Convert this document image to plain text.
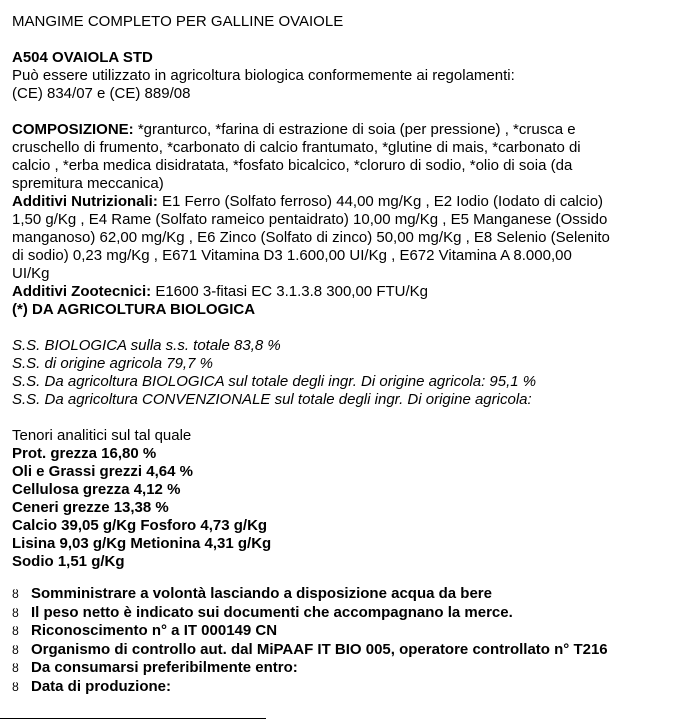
MANGIME COMPLETO PER GALLINE OVAIOLE

A504 OVAIOLA STD

Può essere utilizzato in agricoltura biologica conformemente ai regolamenti:

(CE) 834/07 e (CE) 889/08

COMPOSIZIONE: *granturco, *farina di estrazione di soia (per pressione) , *crusca e

cruschello di frumento, *carbonato di calcio frantumato, *glutine di mais, *carbonato di

calcio , *erba medica disidratata, *fosfato bicalcico, *cloruro di sodio, *olio di soia (da

spremitura meccanica)

Additivi Nutrizionali: E1 Ferro (Solfato ferroso) 44,00 mg/Kg , E2 Iodio (Iodato di calcio)

1,50 g/Kg , E4 Rame (Solfato rameico pentaidrato) 10,00 mg/Kg , E5 Manganese (Ossido

manganoso) 62,00 mg/Kg , E6 Zinco (Solfato di zinco) 50,00 mg/Kg , E8 Selenio (Selenito

di sodio) 0,23 mg/Kg , E671 Vitamina D3 1.600,00 UI/Kg , E672 Vitamina A 8.000,00

UI/Kg

Additivi Zootecnici: E1600 3-fitasi EC 3.1.3.8 300,00 FTU/Kg

(*) DA AGRICOLTURA BIOLOGICA

S.S. BIOLOGICA sulla s.s. totale 83,8 %

S.S. di origine agricola 79,7 %

S.S. Da agricoltura BIOLOGICA sul totale degli ingr. Di origine agricola: 95,1 %

S.S. Da agricoltura CONVENZIONALE sul totale degli ingr. Di origine agricola:

Tenori analitici sul tal quale

Prot. grezza 16,80 %

Oli e Grassi grezzi 4,64 %

Cellulosa grezza 4,12 %

Ceneri grezze 13,38 %

Calcio 39,05 g/Kg Fosforo 4,73 g/Kg

Lisina 9,03 g/Kg Metionina 4,31 g/Kg

Sodio 1,51 g/Kg

ȣ Somministrare a volontà lasciando a disposizione acqua da bere
ȣ Il peso netto è indicato sui documenti che accompagnano la merce.
ȣ Riconoscimento n° a IT 000149 CN
ȣ Organismo di controllo aut. dal MiPAAF IT BIO 005, operatore controllato n° T216
ȣ Da consumarsi preferibilmente entro:
ȣ Data di produzione:
